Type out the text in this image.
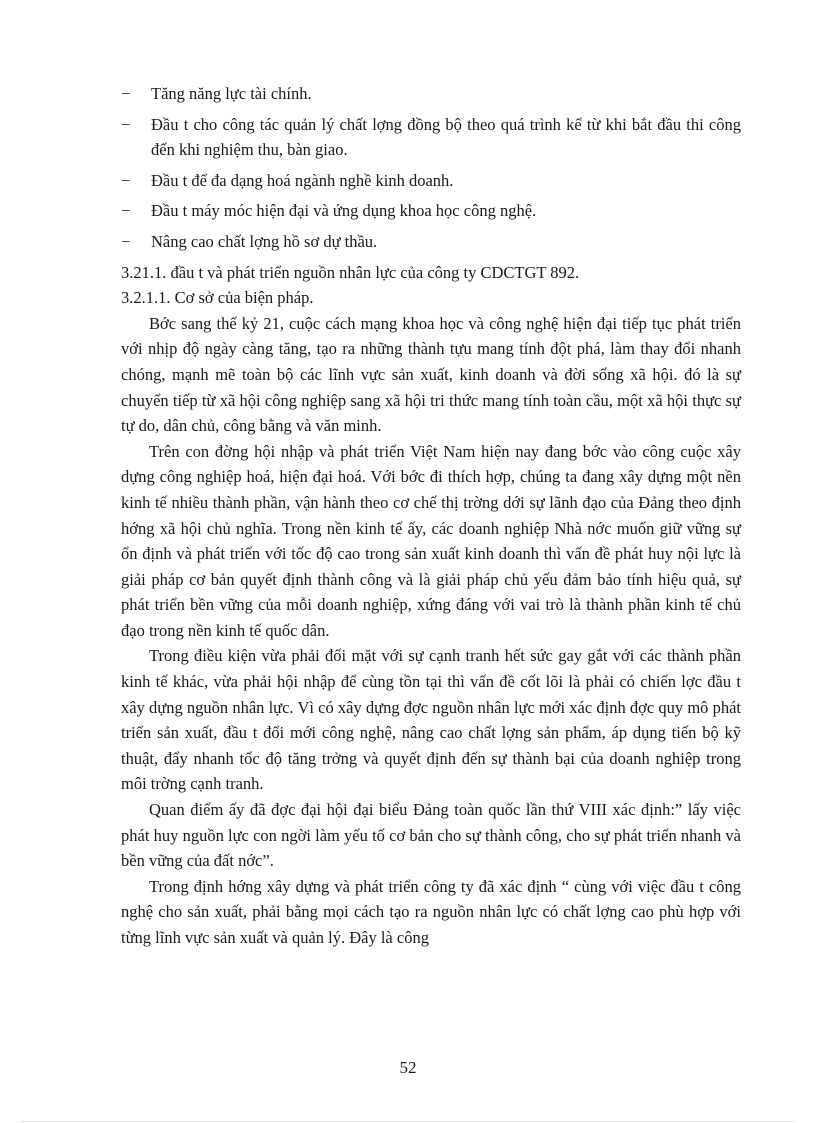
−	Tăng năng lực tài chính.
−	Đầu t cho công tác quản lý chất lợng đồng bộ theo quá trình kể từ khi bắt đầu thi công đến khi nghiệm thu, bàn giao.
−	Đầu t để đa dạng hoá ngành nghề kinh doanh.
−	Đầu t máy móc hiện đại và ứng dụng khoa học công nghệ.
−	Nâng cao chất lợng hồ sơ dự thầu.

3.21.1. đầu t và phát triển nguồn nhân lực của công ty CDCTGT 892.

3.2.1.1. Cơ sở của biện pháp.

Bớc sang thế kỷ 21, cuộc cách mạng khoa học và công nghệ hiện đại tiếp tục phát triển với nhịp độ ngày càng tăng, tạo ra những thành tựu mang tính đột phá, làm thay đổi nhanh chóng, mạnh mẽ toàn bộ các lĩnh vực sản xuất, kinh doanh và đời sống xã hội. đó là sự chuyển tiếp từ xã hội công nghiệp sang xã hội tri thức mang tính toàn cầu, một xã hội thực sự tự do, dân chủ, công bằng và văn minh.

Trên con đờng hội nhập và phát triển Việt Nam hiện nay đang bớc vào công cuộc xây dựng công nghiệp hoá, hiện đại hoá. Với bớc đi thích hợp, chúng ta đang xây dựng một nền kinh tế nhiều thành phần, vận hành theo cơ chế thị trờng dới sự lãnh đạo của Đảng theo định hớng xã hội chủ nghĩa. Trong nền kinh tế ấy, các doanh nghiệp Nhà nớc muốn giữ vững sự ổn định và phát triển với tốc độ cao trong sản xuất kinh doanh thì vấn đề phát huy nội lực là giải pháp cơ bản quyết định thành công và là giải pháp chủ yếu đảm bảo tính hiệu quả, sự phát triển bền vững của mỗi doanh nghiệp, xứng đáng với vai trò là thành phần kinh tế chủ đạo trong nền kinh tế quốc dân.

Trong điều kiện vừa phải đối mặt với sự cạnh tranh hết sức gay gắt với các thành phần kinh tế khác, vừa phải hội nhập để cùng tồn tại thì vấn đề cốt lõi là phải có chiến lợc đầu t xây dựng nguồn nhân lực. Vì có xây dựng đợc nguồn nhân lực mới xác định đợc quy mô phát triển sản xuất, đầu t đổi mới công nghệ, nâng cao chất lợng sản phẩm, áp dụng tiến bộ kỹ thuật, đẩy nhanh tốc độ tăng trởng và quyết định đến sự thành bại của doanh nghiệp trong môi trờng cạnh tranh.

Quan điểm ấy đã đợc đại hội đại biểu Đảng toàn quốc lần thứ VIII xác định:” lấy việc phát huy nguồn lực con ngời làm yếu tố cơ bản cho sự thành công, cho sự phát triển nhanh và bền vững của đất nớc”.

Trong định hớng xây dựng và phát triển công ty đã xác định “ cùng với việc đầu t công nghệ cho sản xuất, phải bằng mọi cách tạo ra nguồn nhân lực có chất lợng cao phù hợp với từng lĩnh vực sản xuất và quản lý. Đây là công

52
